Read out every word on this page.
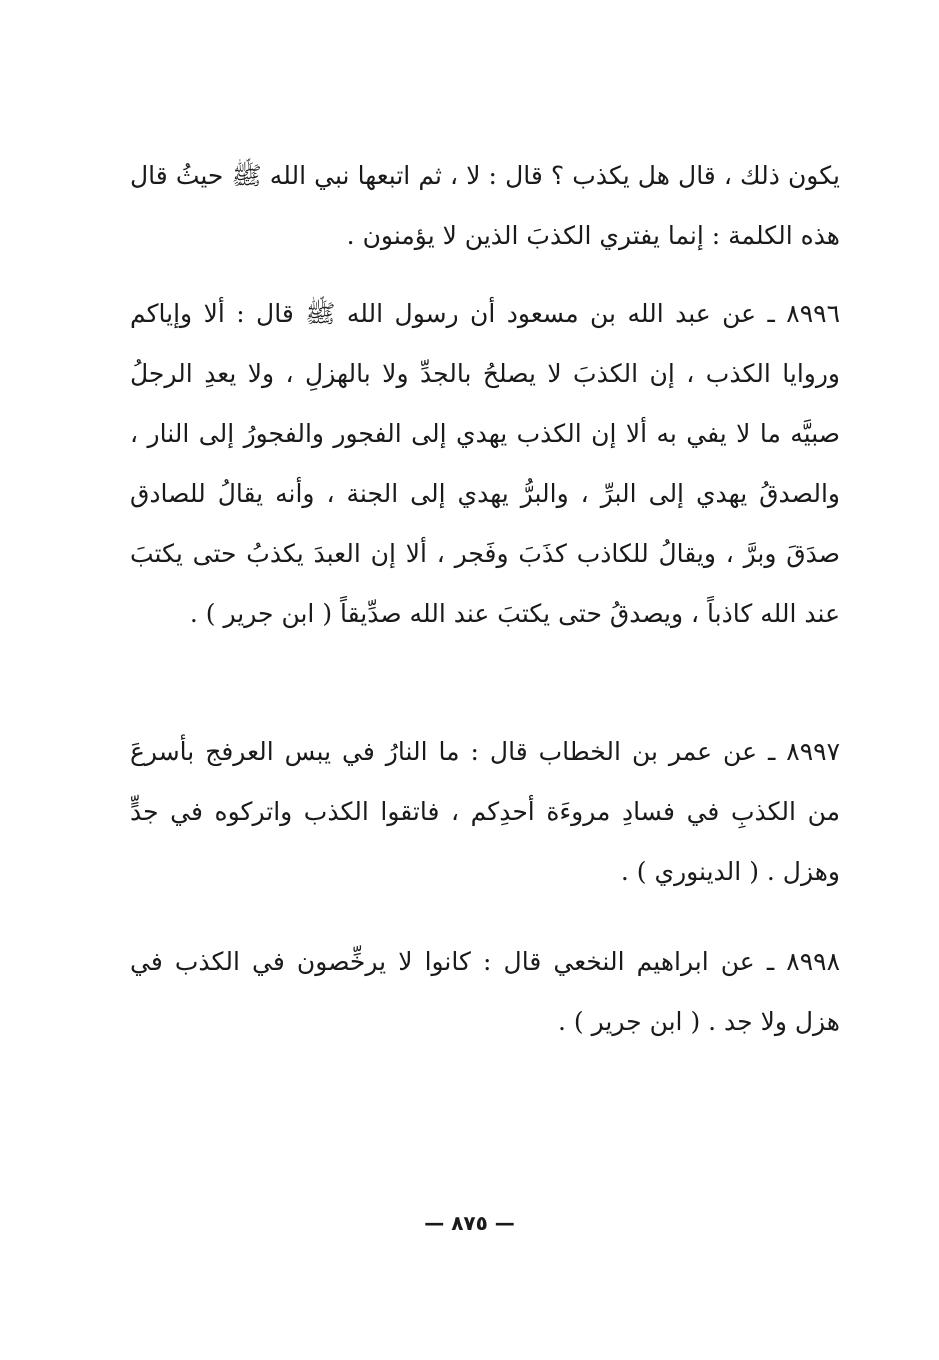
يكون ذلك ، قال هل يكذب ؟ قال : لا ، ثم اتبعها نبي الله ﷺ حيثُ قال هذه الكلمة : إنما يفتري الكذبَ الذين لا يؤمنون .

٨٩٩٦ ـ عن عبد الله بن مسعود أن رسول الله ﷺ قال : ألا وإياكم وروايا الكذب ، إن الكذبَ لا يصلحُ بالجدِّ ولا بالهزلِ ، ولا يعدِ الرجلُ صبيَّه ما لا يفي به ألا إن الكذب يهدي إلى الفجور والفجورُ إلى النار ، والصدقُ يهدي إلى البرِّ ، والبرُّ يهدي إلى الجنة ، وأنه يقالُ للصادق صدَقَ وبرَّ ، ويقالُ للكاذب كذَبَ وفَجر ، ألا إن العبدَ يكذبُ حتى يكتبَ عند الله كاذباً ، ويصدقُ حتى يكتبَ عند الله صدِّيقاً ( ابن جرير ) .

٨٩٩٧ ـ عن عمر بن الخطاب قال : ما النارُ في يبس العرفج بأسرعَ من الكذبِ في فسادِ مروءَة أحدِكم ، فاتقوا الكذب واتركوه في جدٍّ وهزل . ( الدينوري ) .

٨٩٩٨ ـ عن ابراهيم النخعي قال : كانوا لا يرخِّصون في الكذب في هزل ولا جد . ( ابن جرير ) .

— ٨٧٥ —
